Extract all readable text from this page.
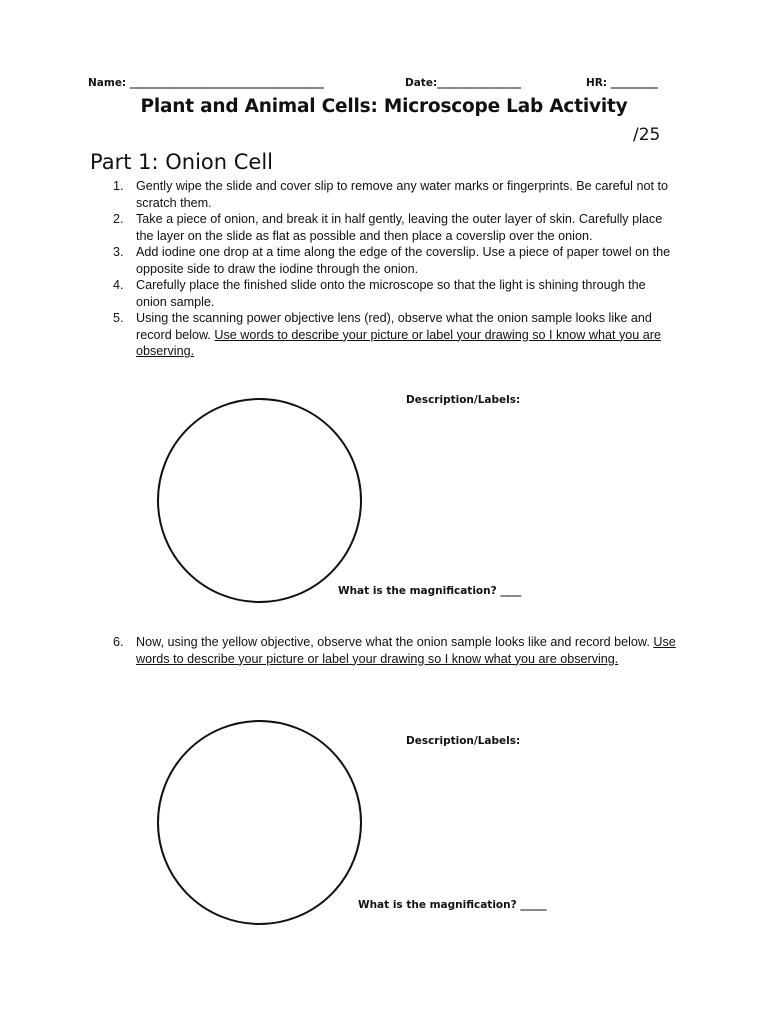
Name: _____________________________________	Date:________________	HR: _________
Plant and Animal Cells: Microscope Lab Activity
/25
Part 1: Onion Cell
1. Gently wipe the slide and cover slip to remove any water marks or fingerprints. Be careful not to scratch them.
2. Take a piece of onion, and break it in half gently, leaving the outer layer of skin. Carefully place the layer on the slide as flat as possible and then place a coverslip over the onion.
3. Add iodine one drop at a time along the edge of the coverslip. Use a piece of paper towel on the opposite side to draw the iodine through the onion.
4. Carefully place the finished slide onto the microscope so that the light is shining through the onion sample.
5. Using the scanning power objective lens (red), observe what the onion sample looks like and record below. Use words to describe your picture or label your drawing so I know what you are observing.
Description/Labels:
What is the magnification? ____
6. Now, using the yellow objective, observe what the onion sample looks like and record below. Use words to describe your picture or label your drawing so I know what you are observing.
Description/Labels:
What is the magnification? _____
